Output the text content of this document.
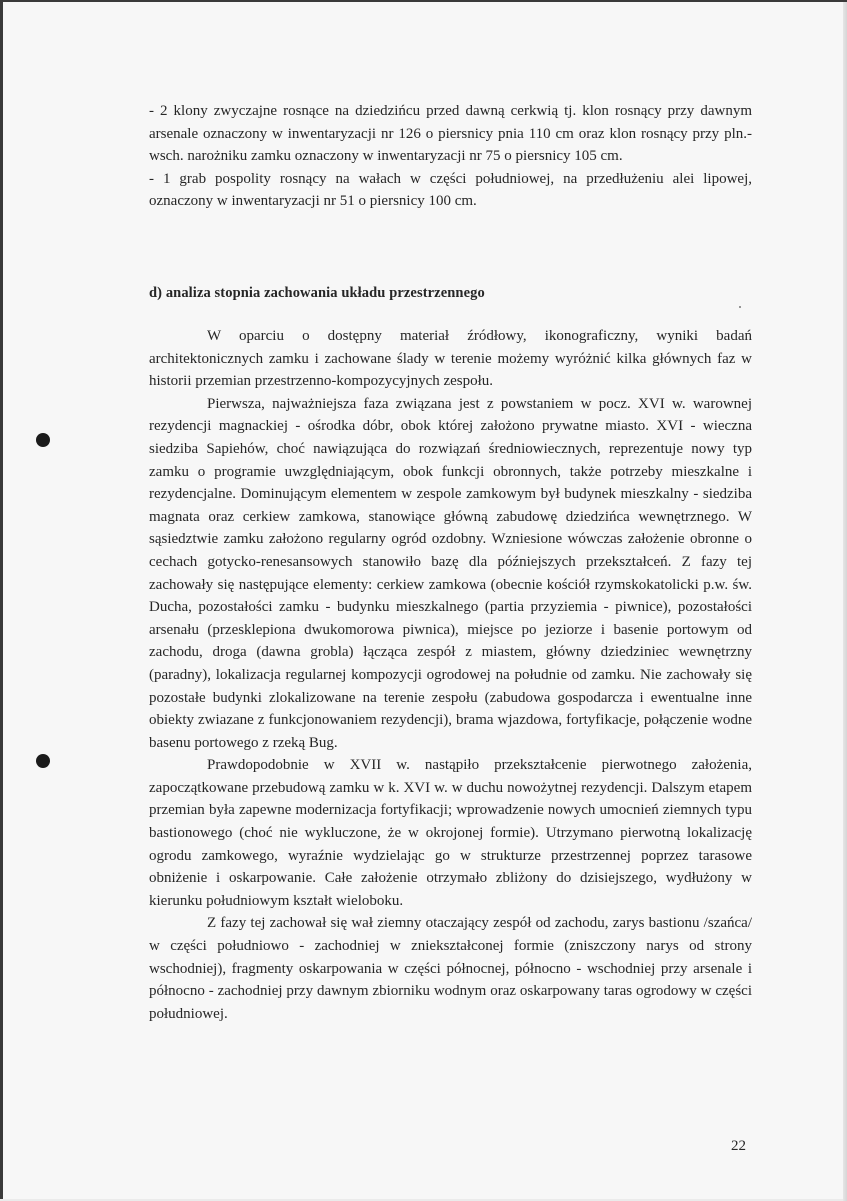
- 2 klony zwyczajne rosnące na dziedzińcu przed dawną cerkwią tj. klon rosnący przy dawnym arsenale oznaczony w inwentaryzacji nr 126 o piersnicy pnia 110 cm oraz klon rosnący przy pln.-wsch. narożniku zamku oznaczony w inwentaryzacji nr 75 o piersnicy 105 cm.

- 1 grab pospolity rosnący na wałach w części południowej, na przedłużeniu alei lipowej, oznaczony w inwentaryzacji nr 51 o piersnicy 100 cm.

d) analiza stopnia zachowania układu przestrzennego

W oparciu o dostępny materiał źródłowy, ikonograficzny, wyniki badań architektonicznych zamku i zachowane ślady w terenie możemy wyróżnić kilka głównych faz w historii przemian przestrzenno-kompozycyjnych zespołu.

Pierwsza, najważniejsza faza związana jest z powstaniem w pocz. XVI w. warownej rezydencji magnackiej - ośrodka dóbr, obok której założono prywatne miasto. XVI - wieczna siedziba Sapiehów, choć nawiązująca do rozwiązań średniowiecznych, reprezentuje nowy typ zamku o programie uwzględniającym, obok funkcji obronnych, także potrzeby mieszkalne i rezydencjalne. Dominującym elementem w zespole zamkowym był budynek mieszkalny - siedziba magnata oraz cerkiew zamkowa, stanowiące główną zabudowę dziedzińca wewnętrznego. W sąsiedztwie zamku założono regularny ogród ozdobny. Wzniesione wówczas założenie obronne o cechach gotycko-renesansowych stanowiło bazę dla późniejszych przekształceń. Z fazy tej zachowały się następujące elementy: cerkiew zamkowa (obecnie kościół rzymskokatolicki p.w. św. Ducha, pozostałości zamku - budynku mieszkalnego (partia przyziemia - piwnice), pozostałości arsenału (przesklepiona dwukomorowa piwnica), miejsce po jeziorze i basenie portowym od zachodu, droga (dawna grobla) łącząca zespół z miastem, główny dziedziniec wewnętrzny (paradny), lokalizacja regularnej kompozycji ogrodowej na południe od zamku. Nie zachowały się pozostałe budynki zlokalizowane na terenie zespołu (zabudowa gospodarcza i ewentualne inne obiekty zwiazane z funkcjonowaniem rezydencji), brama wjazdowa, fortyfikacje, połączenie wodne basenu portowego z rzeką Bug.

Prawdopodobnie w XVII w. nastąpiło przekształcenie pierwotnego założenia, zapoczątkowane przebudową zamku w k. XVI w. w duchu nowożytnej rezydencji. Dalszym etapem przemian była zapewne modernizacja fortyfikacji; wprowadzenie nowych umocnień ziemnych typu bastionowego (choć nie wykluczone, że w okrojonej formie). Utrzymano pierwotną lokalizację ogrodu zamkowego, wyraźnie wydzielając go w strukturze przestrzennej poprzez tarasowe obniżenie i oskarpowanie. Całe założenie otrzymało zbliżony do dzisiejszego, wydłużony w kierunku południowym kształt wieloboku.

Z fazy tej zachował się wał ziemny otaczający zespół od zachodu, zarys bastionu /szańca/ w części południowo - zachodniej w zniekształconej formie (zniszczony narys od strony wschodniej), fragmenty oskarpowania w części północnej, północno - wschodniej przy arsenale i północno - zachodniej przy dawnym zbiorniku wodnym oraz oskarpowany taras ogrodowy w części południowej.

22
